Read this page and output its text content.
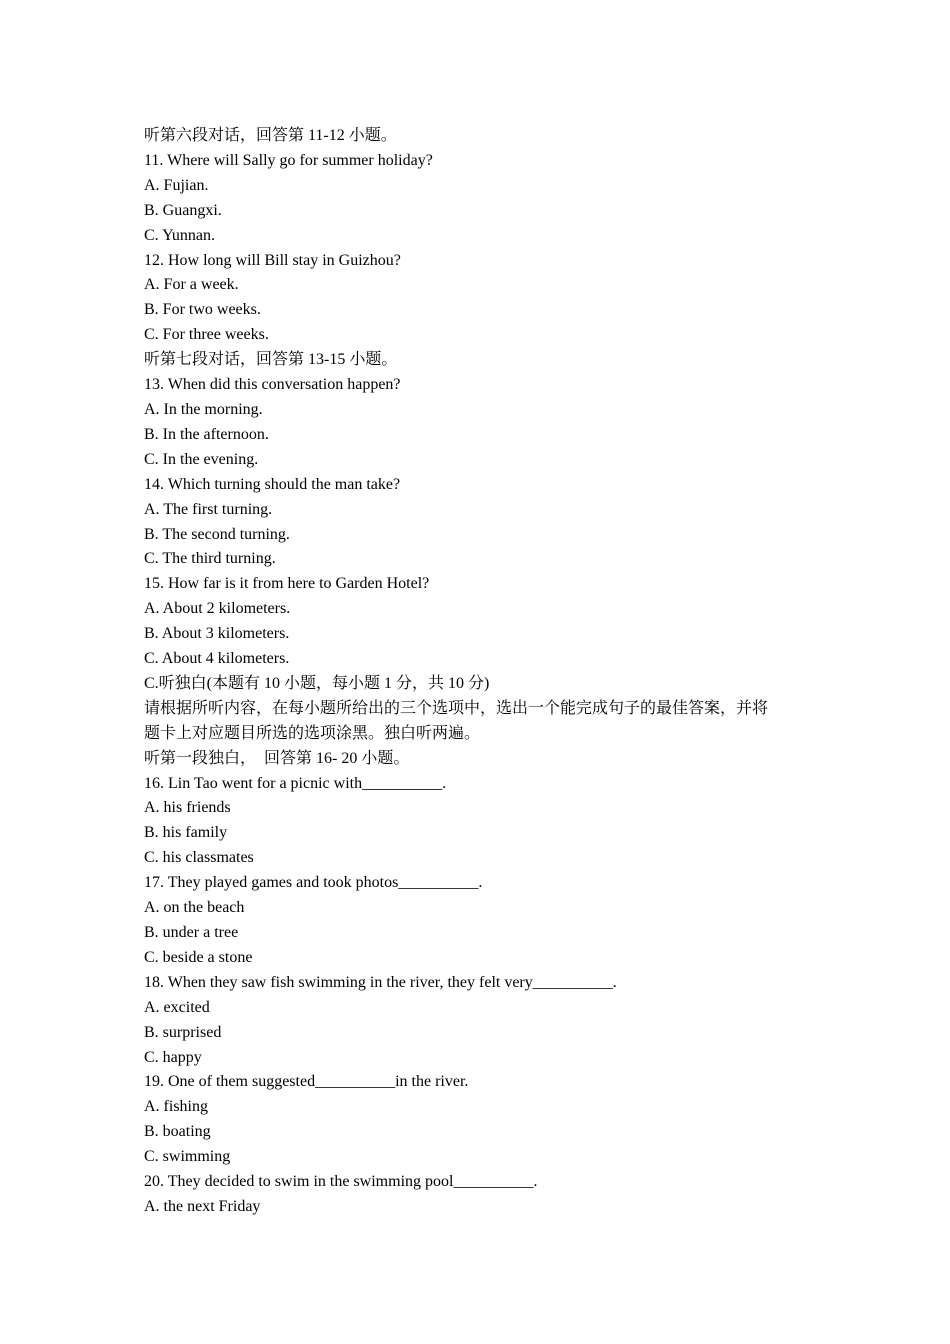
听第六段对话，回答第 11-12 小题。

11. Where will Sally go for summer holiday?

A. Fujian.

B. Guangxi.

C. Yunnan.

12. How long will Bill stay in Guizhou?

A. For a week.

B. For two weeks.

C. For three weeks.

听第七段对话，回答第 13-15 小题。

13. When did this conversation happen?

A. In the morning.

B. In the afternoon.

C. In the evening.

14. Which turning should the man take?

A. The first turning.

B. The second turning.

C. The third turning.

15. How far is it from here to Garden Hotel?

A. About 2 kilometers.

B. About 3 kilometers.

C. About 4 kilometers.

C.听独白(本题有 10 小题，每小题 1 分，共 10 分)

请根据所听内容，在每小题所给出的三个选项中，选出一个能完成句子的最佳答案，并将

题卡上对应题目所选的选项涂黑。独白听两遍。

听第一段独白，  回答第 16- 20 小题。

16. Lin Tao went for a picnic with__________.

A. his friends

B. his family

C. his classmates

17. They played games and took photos__________.

A. on the beach

B. under a tree

C. beside a stone

18. When they saw fish swimming in the river, they felt very__________.

A. excited

B. surprised

C. happy

19. One of them suggested__________in the river.

A. fishing

B. boating

C. swimming

20. They decided to swim in the swimming pool__________.

A. the next Friday
